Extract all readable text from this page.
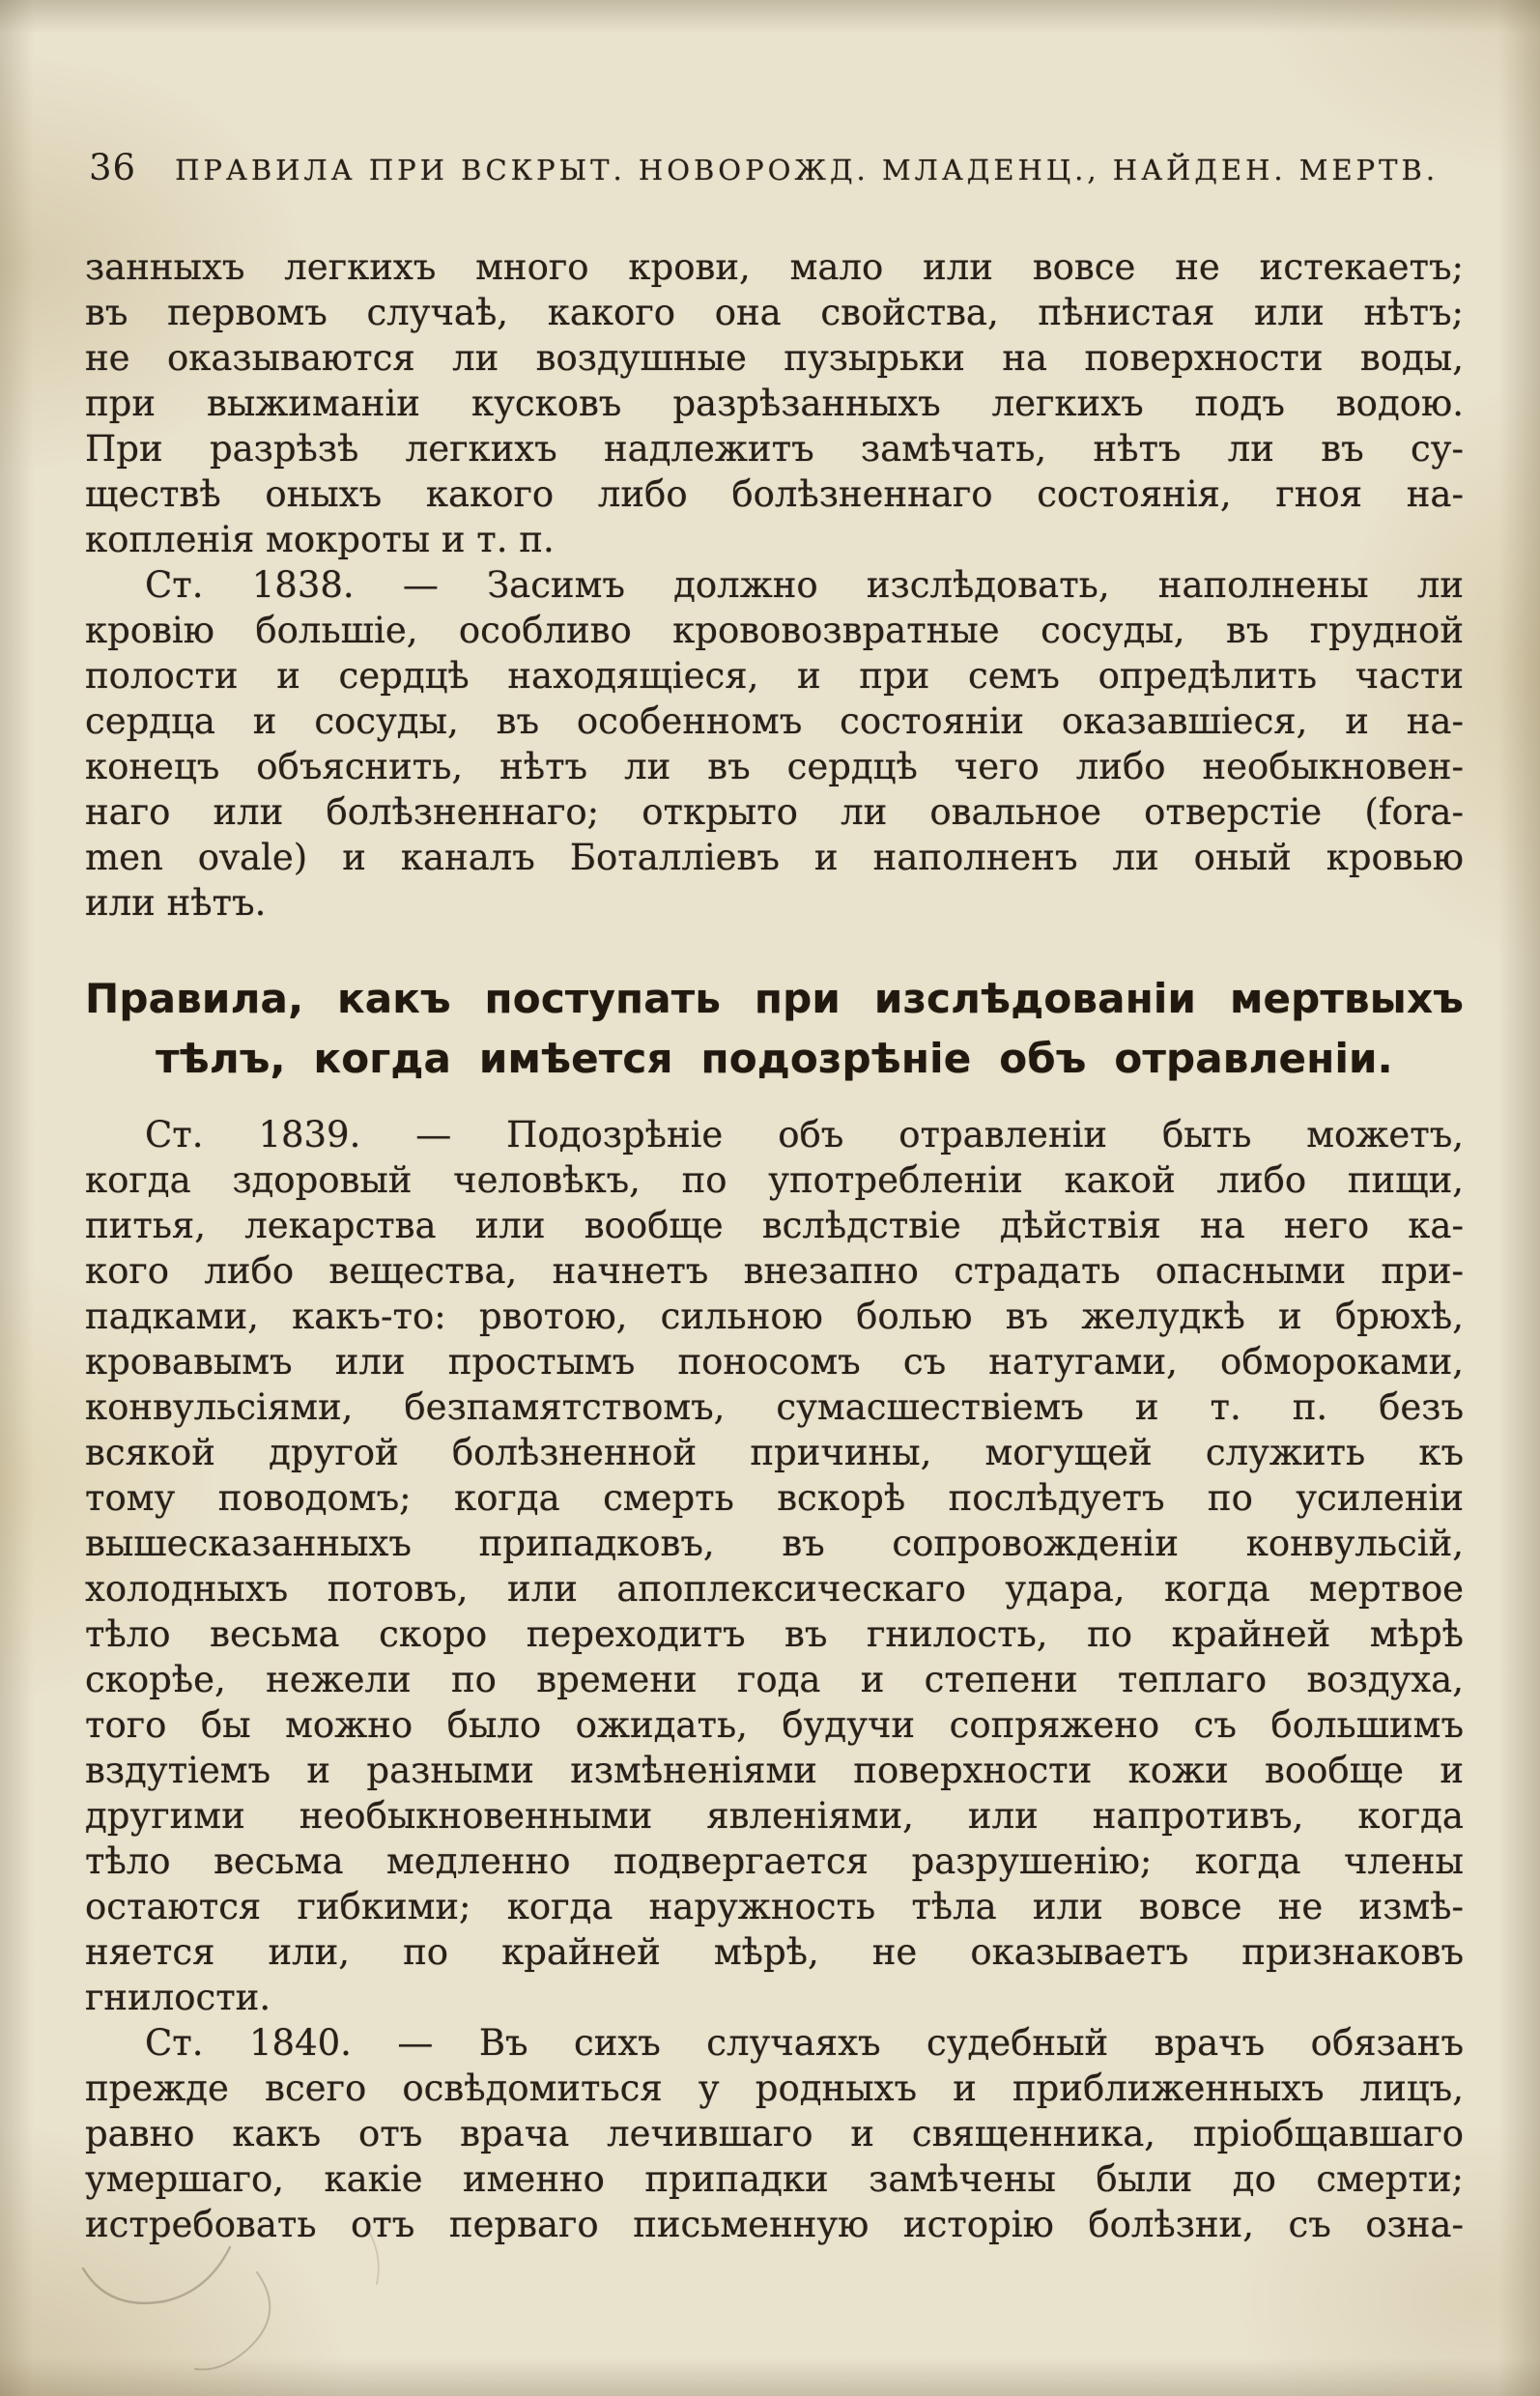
36 ПРАВИЛА ПРИ ВСКРЫТ. НОВОРОЖД. МЛАДЕНЦ., НАЙДЕН. МЕРТВ.
занныхъ легкихъ много крови, мало или вовсе не истекаетъ;
въ первомъ случаѣ, какого она свойства, пѣнистая или нѣтъ;
не оказываются ли воздушные пузырьки на поверхности воды,
при выжиманіи кусковъ разрѣзанныхъ легкихъ подъ водою.
При разрѣзѣ легкихъ надлежитъ замѣчать, нѣтъ ли въ су-
ществѣ оныхъ какого либо болѣзненнаго состоянія, гноя на-
копленія мокроты и т. п.
Ст. 1838. — Засимъ должно изслѣдовать, наполнены ли
кровію большіе, особливо крововозвратные сосуды, въ грудной
полости и сердцѣ находящіеся, и при семъ опредѣлить части
сердца и сосуды, въ особенномъ состояніи оказавшіеся, и на-
конецъ объяснить, нѣтъ ли въ сердцѣ чего либо необыкновен-
наго или болѣзненнаго; открыто ли овальное отверстіе (fora-
men ovale) и каналъ Боталліевъ и наполненъ ли оный кровью
или нѣтъ.
Правила, какъ поступать при изслѣдованіи мертвыхъ
тѣлъ, когда имѣется подозрѣніе объ отравленіи.
Ст. 1839. — Подозрѣніе объ отравленіи быть можетъ,
когда здоровый человѣкъ, по употребленіи какой либо пищи,
питья, лекарства или вообще вслѣдствіе дѣйствія на него ка-
кого либо вещества, начнетъ внезапно страдать опасными при-
падками, какъ-то: рвотою, сильною болью въ желудкѣ и брюхѣ,
кровавымъ или простымъ поносомъ съ натугами, обмороками,
конвульсіями, безпамятствомъ, сумасшествіемъ и т. п. безъ
всякой другой болѣзненной причины, могущей служить къ
тому поводомъ; когда смерть вскорѣ послѣдуетъ по усиленіи
вышесказанныхъ припадковъ, въ сопровожденіи конвульсій,
холодныхъ потовъ, или апоплексическаго удара, когда мертвое
тѣло весьма скоро переходитъ въ гнилость, по крайней мѣрѣ
скорѣе, нежели по времени года и степени теплаго воздуха,
того бы можно было ожидать, будучи сопряжено съ большимъ
вздутіемъ и разными измѣненіями поверхности кожи вообще и
другими необыкновенными явленіями, или напротивъ, когда
тѣло весьма медленно подвергается разрушенію; когда члены
остаются гибкими; когда наружность тѣла или вовсе не измѣ-
няется или, по крайней мѣрѣ, не оказываетъ признаковъ
гнилости.
Ст. 1840. — Въ сихъ случаяхъ судебный врачъ обязанъ
прежде всего освѣдомиться у родныхъ и приближенныхъ лицъ,
равно какъ отъ врача лечившаго и священника, пріобщавшаго
умершаго, какіе именно припадки замѣчены были до смерти;
истребовать отъ перваго письменную исторію болѣзни, съ озна-
